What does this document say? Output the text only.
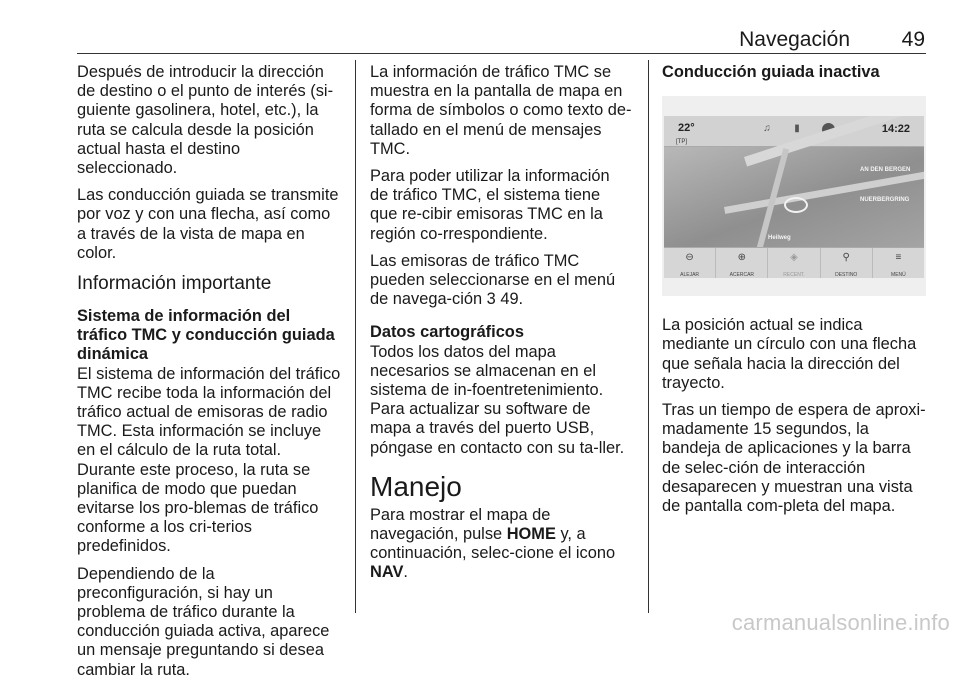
Navegación	49

Después de introducir la dirección de destino o el punto de interés (si‐guiente gasolinera, hotel, etc.), la ruta se calcula desde la posición actual hasta el destino seleccionado.

Las conducción guiada se transmite por voz y con una flecha, así como a través de la vista de mapa en color.

Información importante
Sistema de información del tráfico TMC y conducción guiada dinámica

El sistema de información del tráfico TMC recibe toda la información del tráfico actual de emisoras de radio TMC. Esta información se incluye en el cálculo de la ruta total. Durante este proceso, la ruta se planifica de modo que puedan evitarse los pro‐blemas de tráfico conforme a los cri‐terios predefinidos.

Dependiendo de la preconfiguración, si hay un problema de tráfico durante la conducción guiada activa, aparece un mensaje preguntando si desea cambiar la ruta.

La información de tráfico TMC se muestra en la pantalla de mapa en forma de símbolos o como texto de‐tallado en el menú de mensajes TMC.

Para poder utilizar la información de tráfico TMC, el sistema tiene que re‐cibir emisoras TMC en la región co‐rrespondiente.

Las emisoras de tráfico TMC pueden seleccionarse en el menú de navega‐ción 3 49.

Datos cartográficos

Todos los datos del mapa necesarios se almacenan en el sistema de in‐foentretenimiento. Para actualizar su software de mapa a través del puerto USB, póngase en contacto con su ta‐ller.

Manejo

Para mostrar el mapa de navegación, pulse HOME y, a continuación, selec‐cione el icono NAV.

Conducción guiada inactiva
22°
[TP]
♫	▮	14:22
AN DEN BERGEN
NUERBERGRING
Heilweg
⊖
ALEJAR
⊕
ACERCAR
◈
RECENT.
⚲
DESTINO
≡
MENÚ

La posición actual se indica mediante un círculo con una flecha que señala hacia la dirección del trayecto.

Tras un tiempo de espera de aproxi‐madamente 15 segundos, la bandeja de aplicaciones y la barra de selec‐ción de interacción desaparecen y muestran una vista de pantalla com‐pleta del mapa.

carmanualsonline.info
